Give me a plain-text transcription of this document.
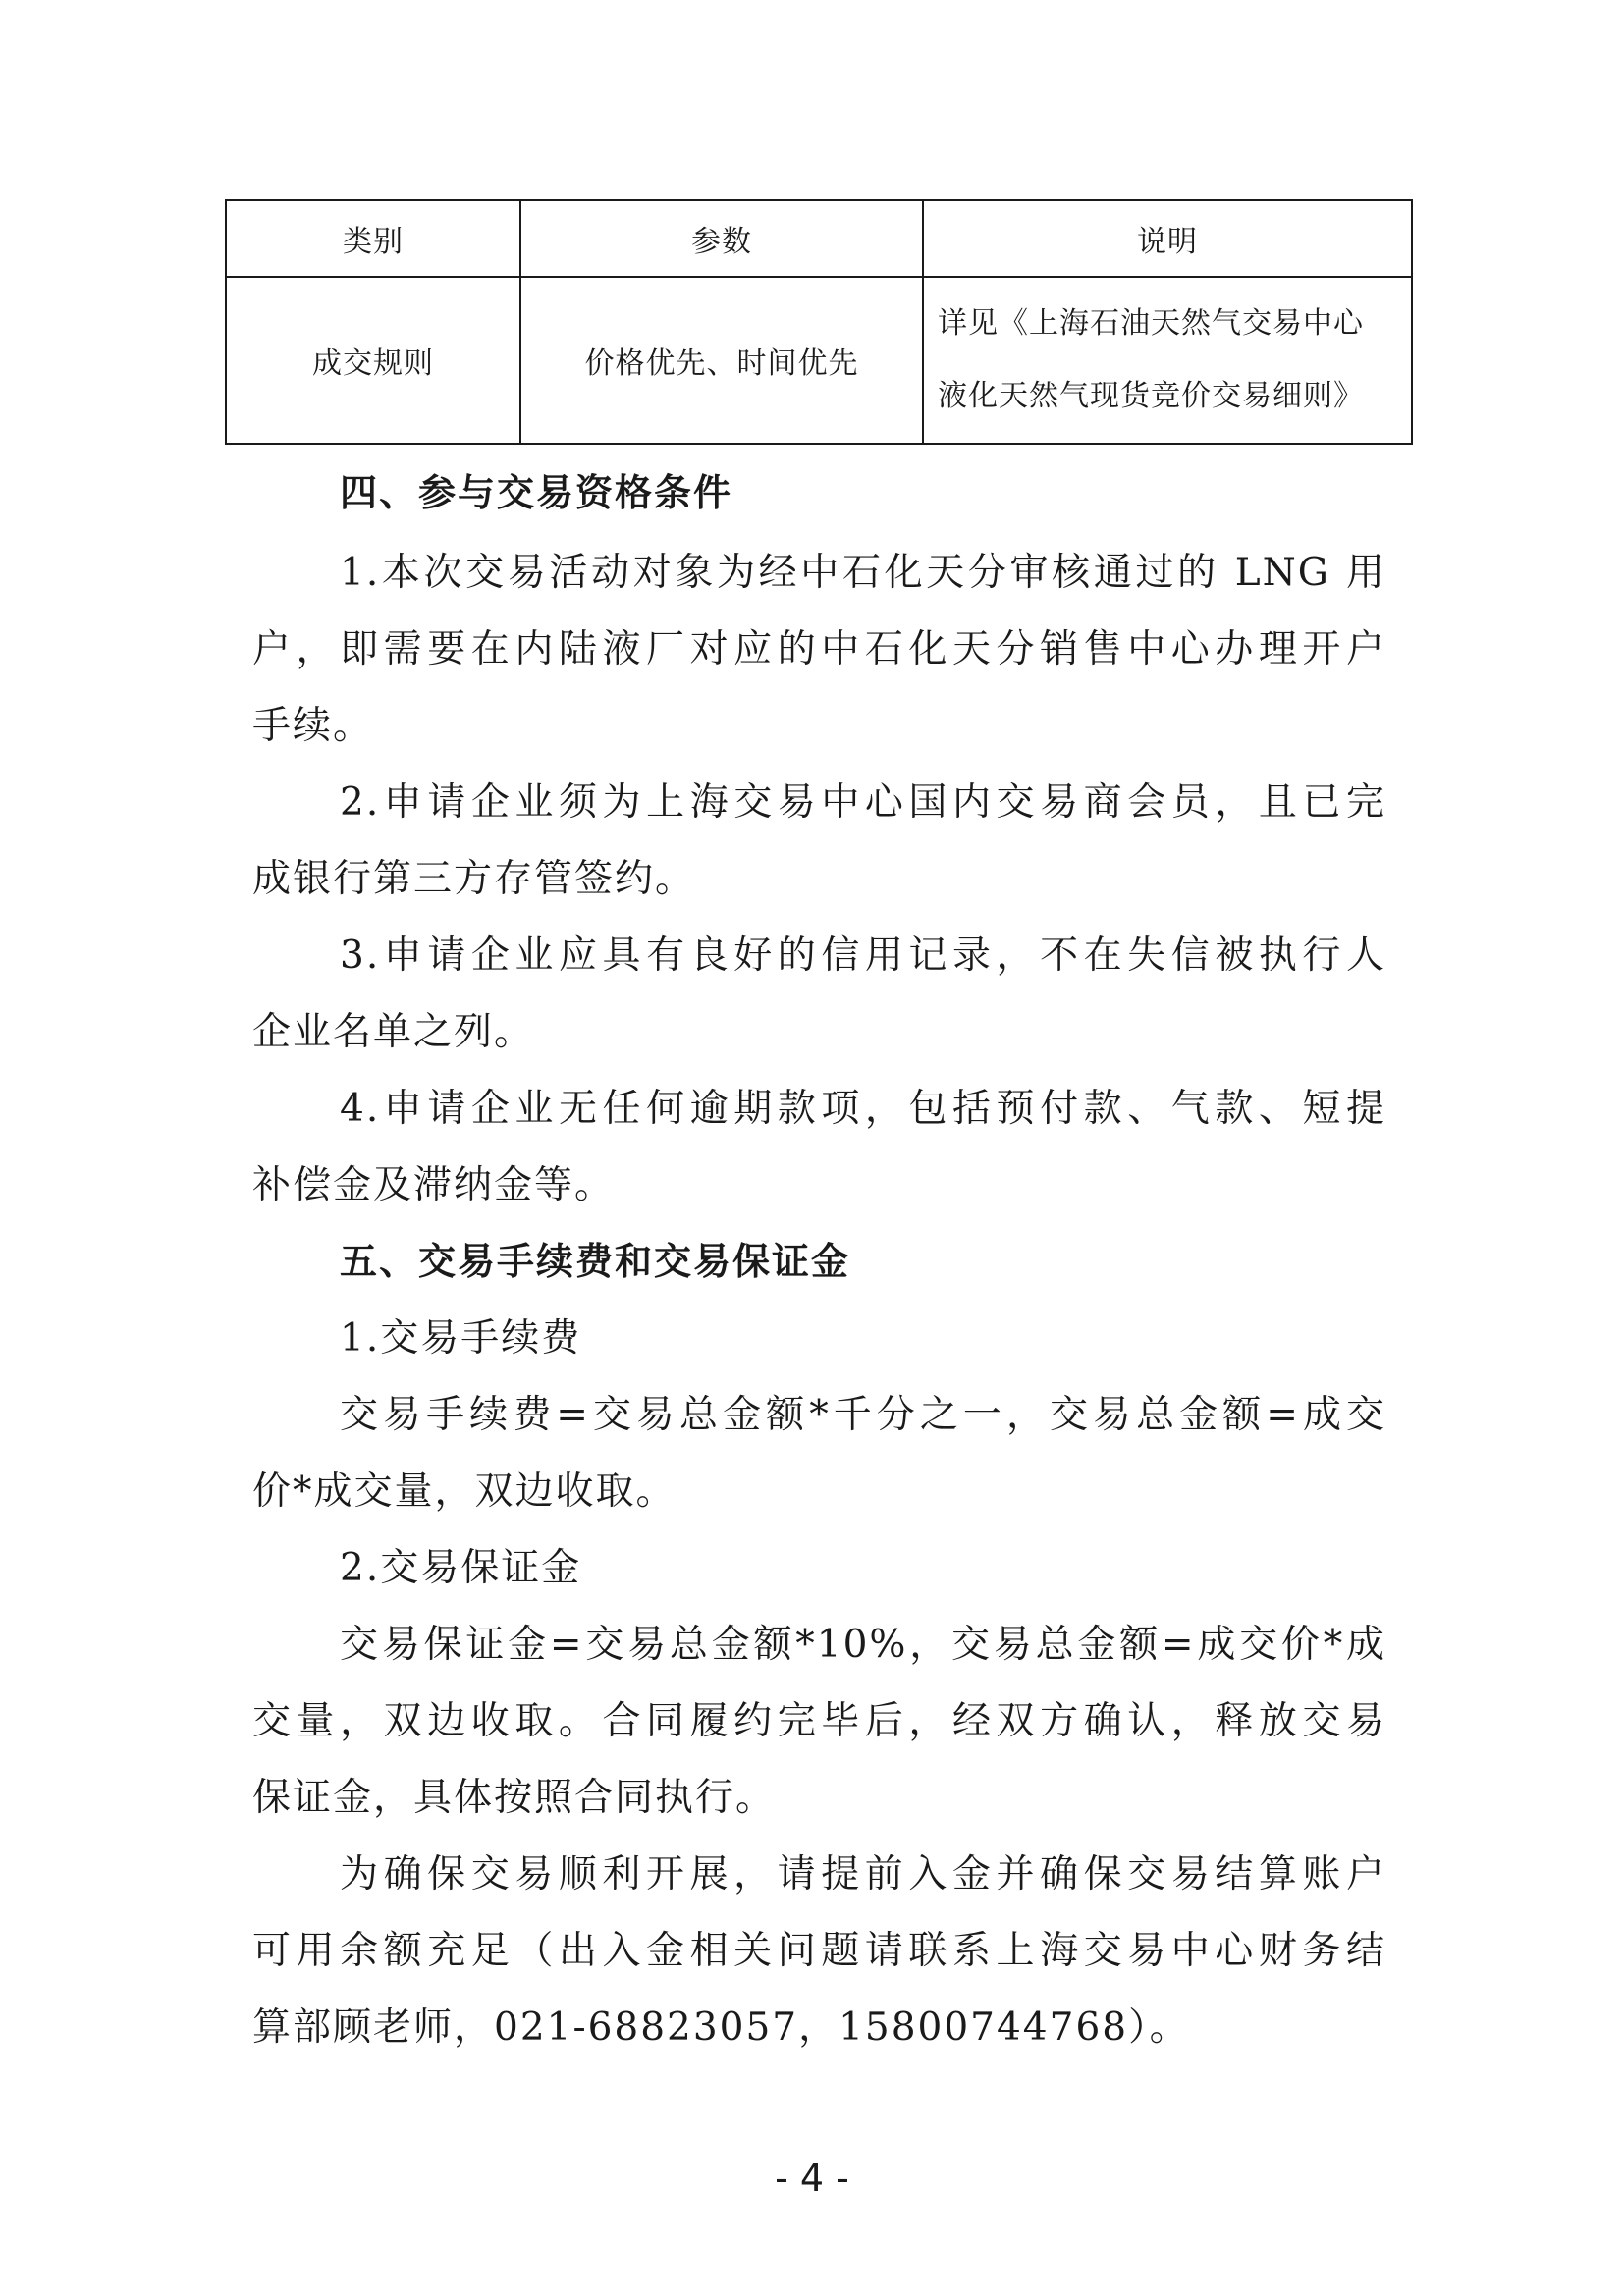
类别	参数	说明
成交规则	价格优先、时间优先	详见《上海石油天然气交易中心
液化天然气现货竞价交易细则》
四、参与交易资格条件
1.本次交易活动对象为经中石化天分审核通过的 LNG 用
户，即需要在内陆液厂对应的中石化天分销售中心办理开户
手续。
2.申请企业须为上海交易中心国内交易商会员，且已完
成银行第三方存管签约。
3.申请企业应具有良好的信用记录，不在失信被执行人
企业名单之列。
4.申请企业无任何逾期款项，包括预付款、气款、短提
补偿金及滞纳金等。
五、交易手续费和交易保证金
1.交易手续费
交易手续费=交易总金额*千分之一，交易总金额=成交
价*成交量，双边收取。
2.交易保证金
交易保证金=交易总金额*10%，交易总金额=成交价*成
交量，双边收取。合同履约完毕后，经双方确认，释放交易
保证金，具体按照合同执行。
为确保交易顺利开展，请提前入金并确保交易结算账户
可用余额充足（出入金相关问题请联系上海交易中心财务结
算部顾老师，021-68823057，15800744768）。
- 4 -
